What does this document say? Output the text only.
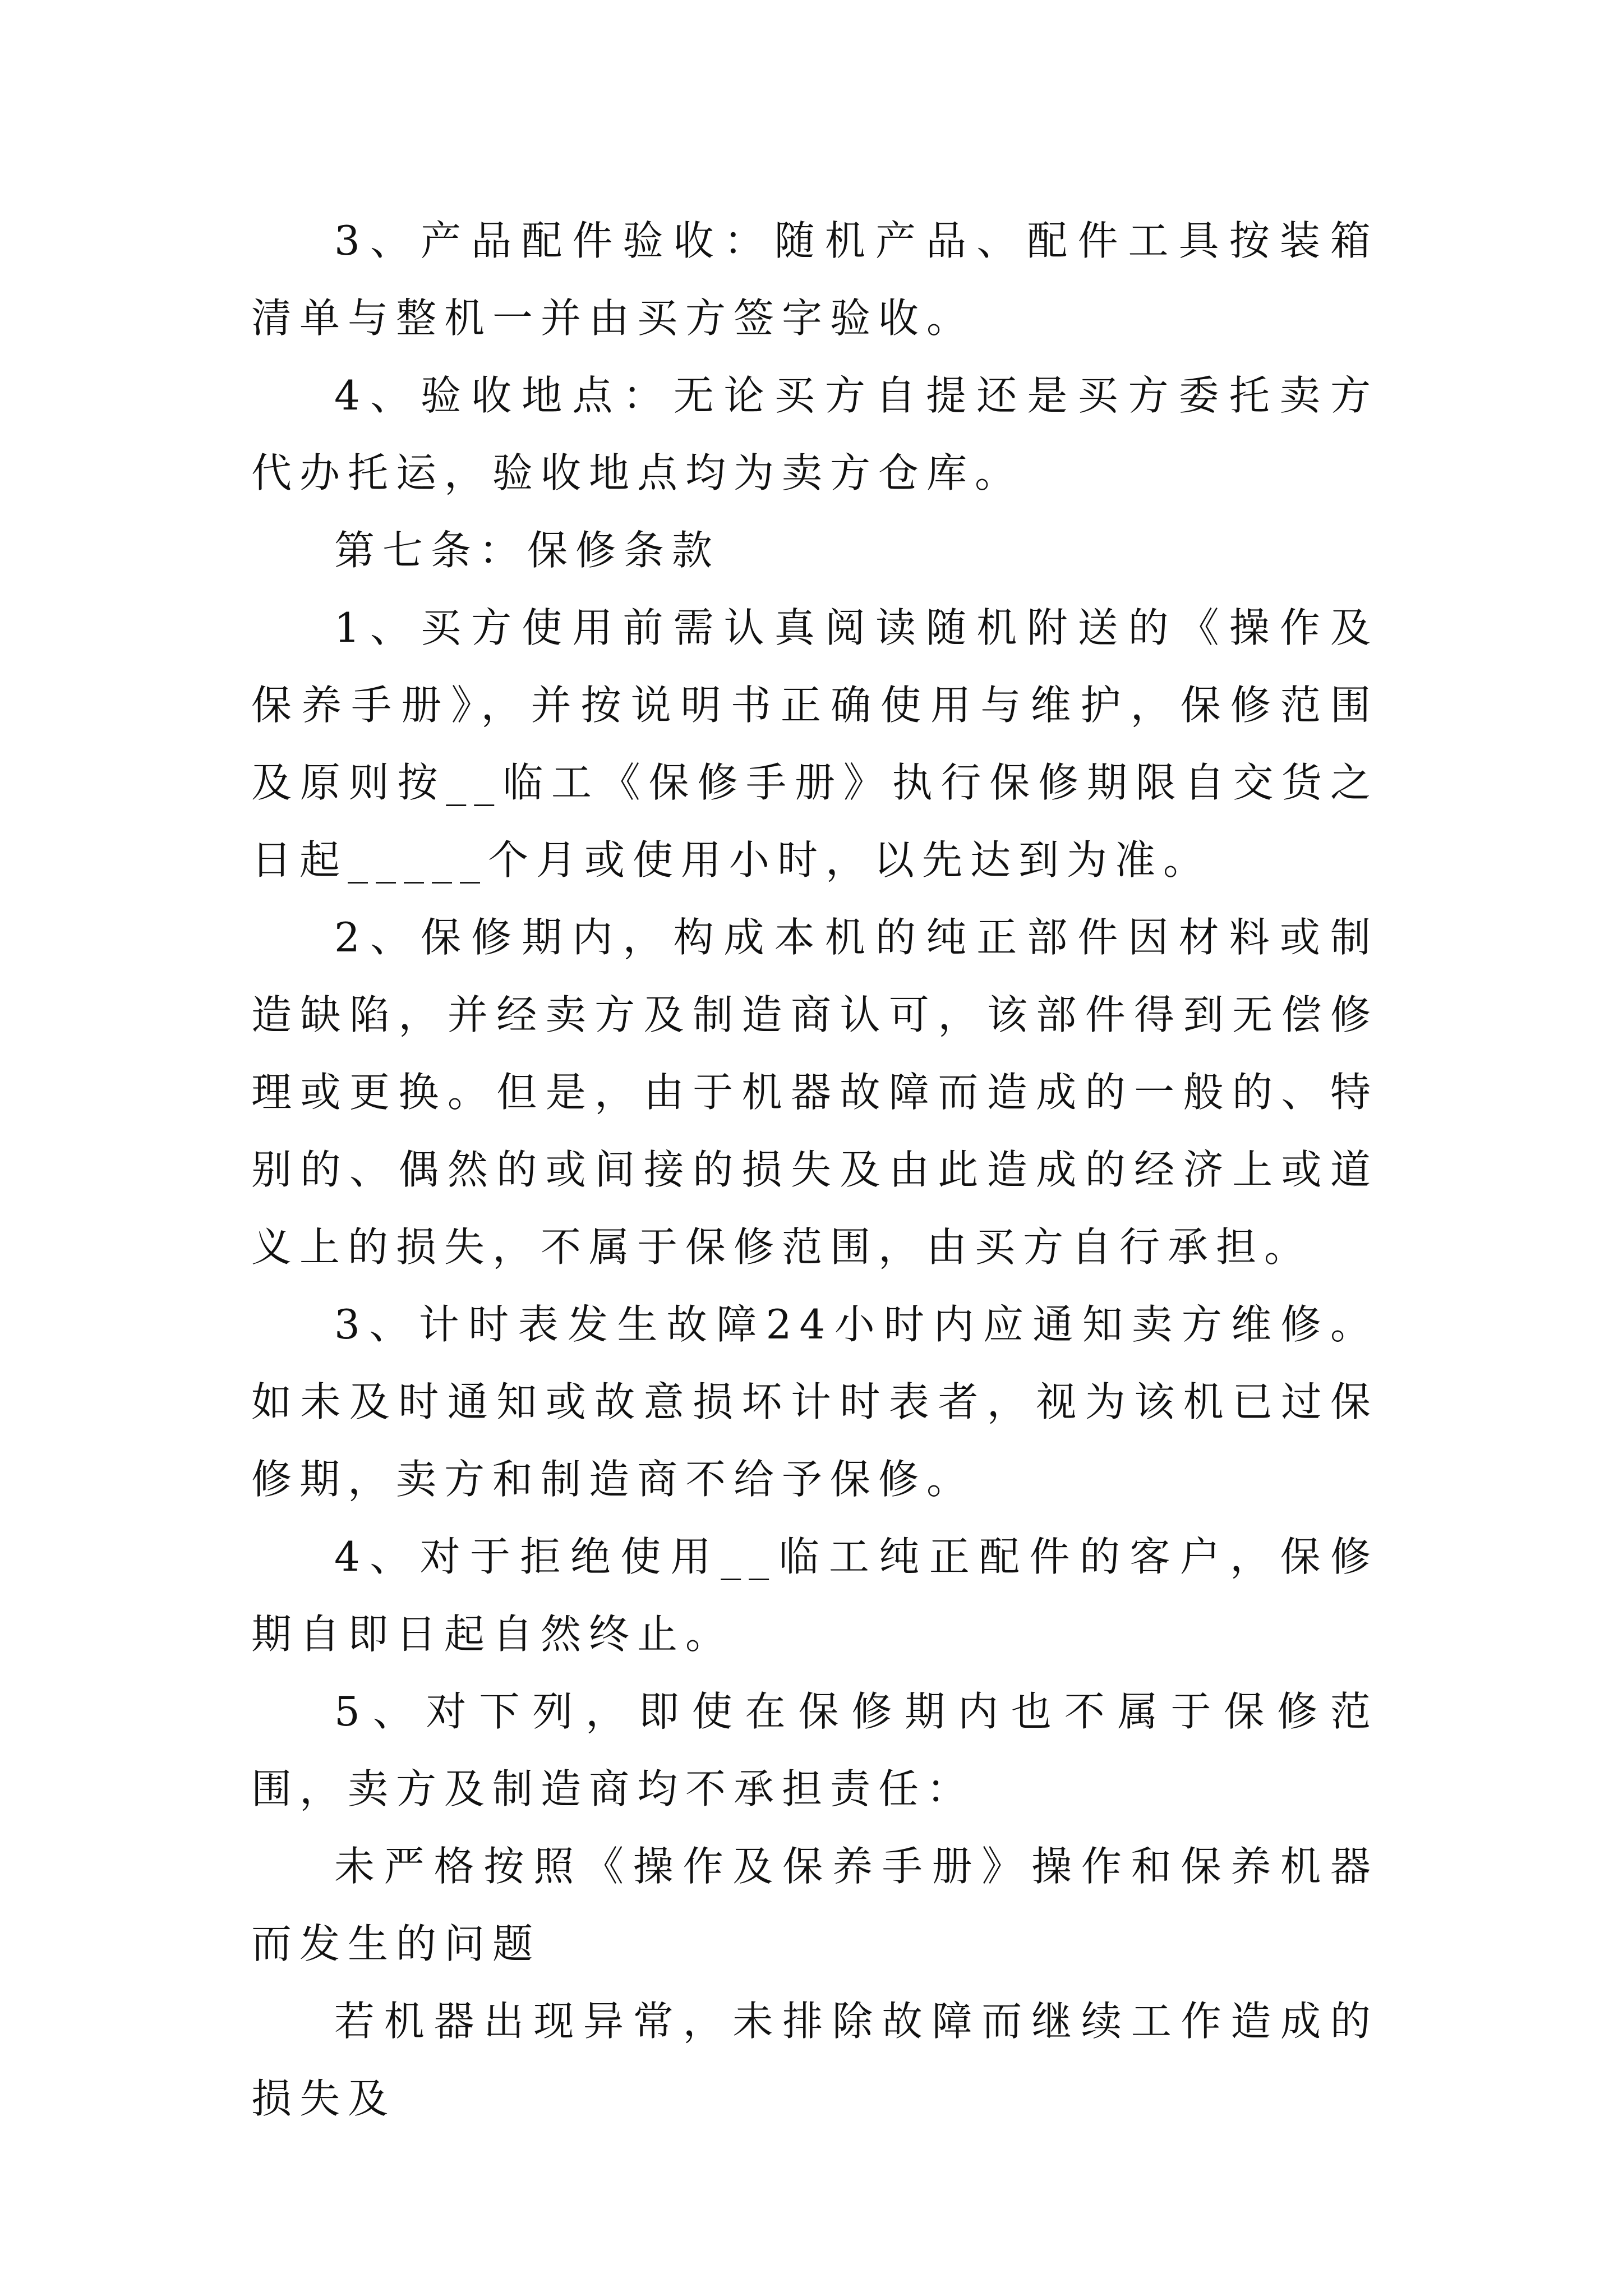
3、产品配件验收：随机产品、配件工具按装箱清单与整机一并由买方签字验收。

4、验收地点：无论买方自提还是买方委托卖方代办托运，验收地点均为卖方仓库。

第七条：保修条款

1、买方使用前需认真阅读随机附送的《操作及保养手册》，并按说明书正确使用与维护，保修范围及原则按__临工《保修手册》执行保修期限自交货之日起_____个月或使用小时，以先达到为准。

2、保修期内，构成本机的纯正部件因材料或制造缺陷，并经卖方及制造商认可，该部件得到无偿修理或更换。但是，由于机器故障而造成的一般的、特别的、偶然的或间接的损失及由此造成的经济上或道义上的损失，不属于保修范围，由买方自行承担。

3、计时表发生故障24小时内应通知卖方维修。如未及时通知或故意损坏计时表者，视为该机已过保修期，卖方和制造商不给予保修。

4、对于拒绝使用__临工纯正配件的客户，保修期自即日起自然终止。

5、对下列，即使在保修期内也不属于保修范围，卖方及制造商均不承担责任：

未严格按照《操作及保养手册》操作和保养机器而发生的问题

若机器出现异常，未排除故障而继续工作造成的损失及
